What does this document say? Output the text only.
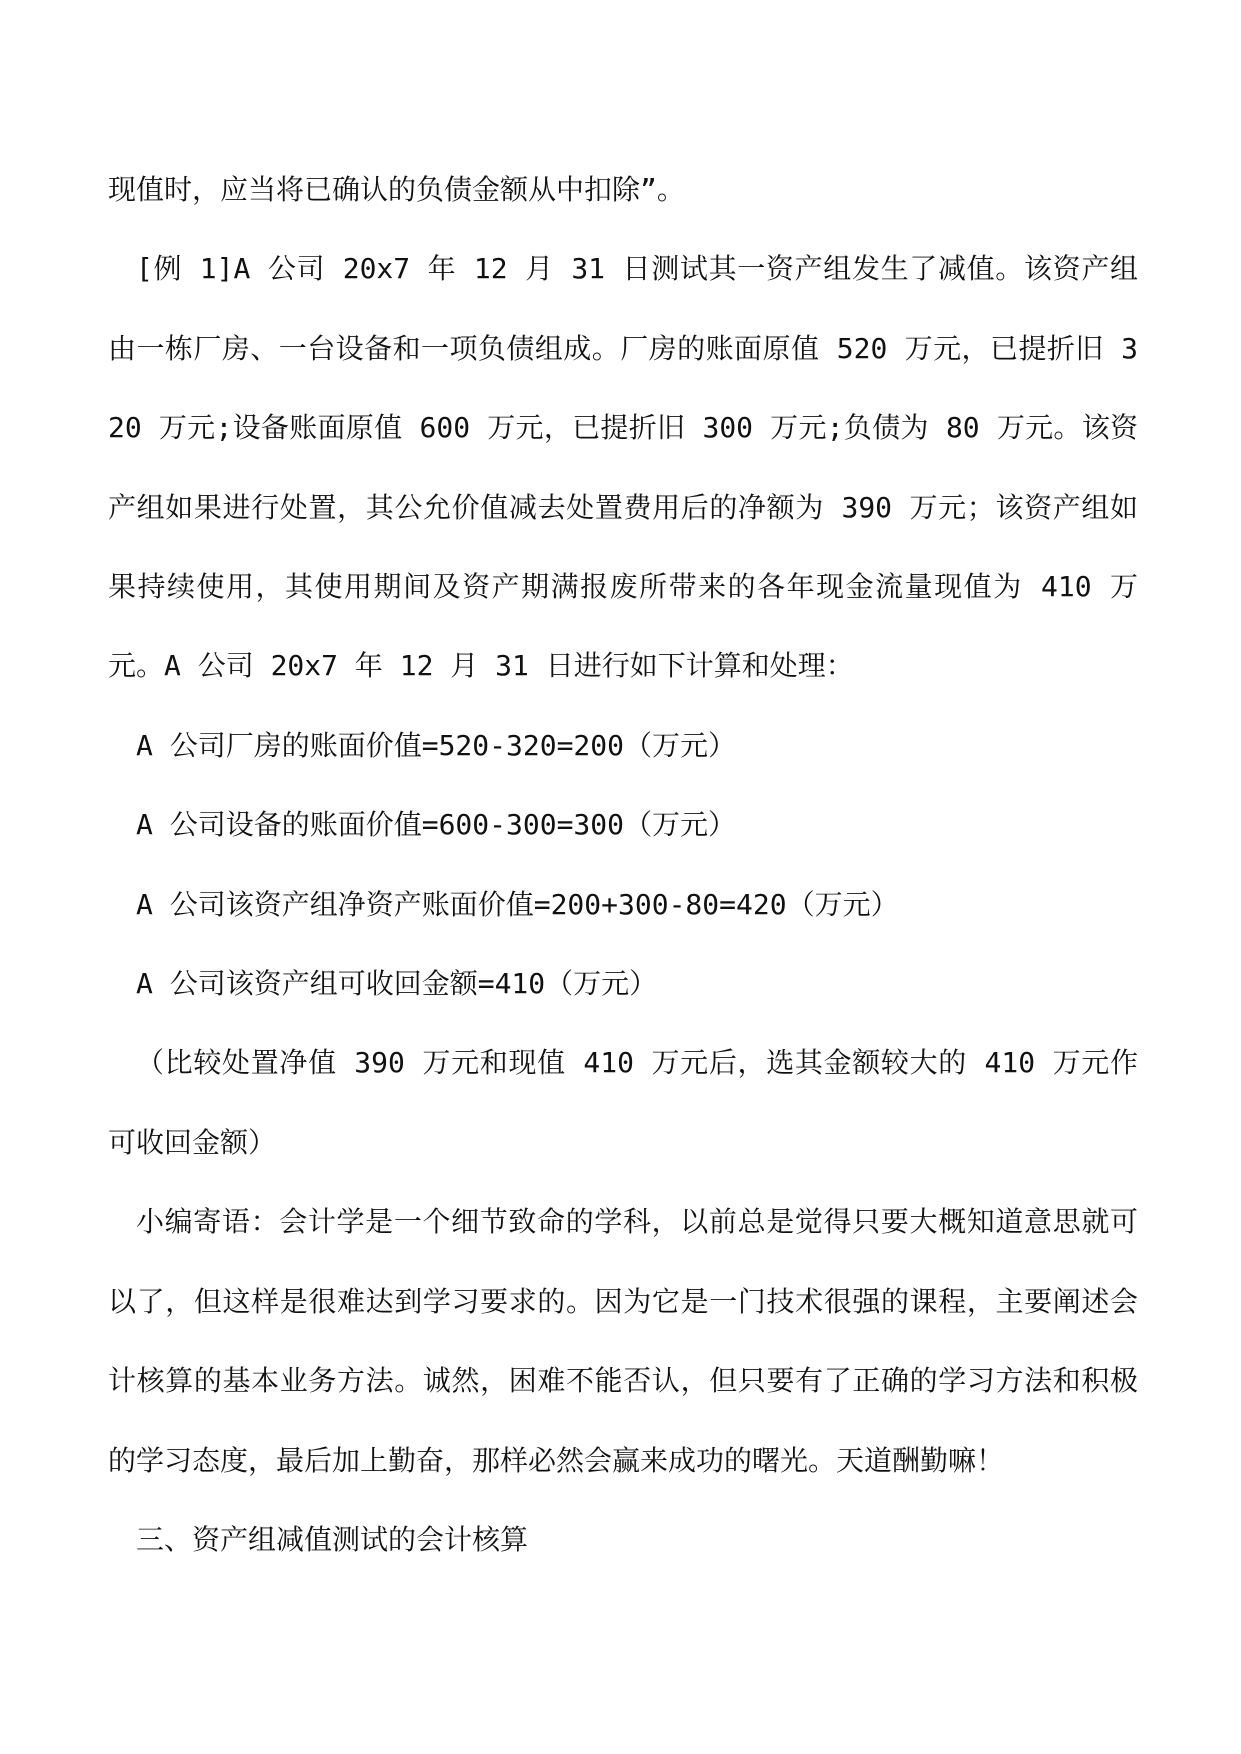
现值时，应当将已确认的负债金额从中扣除”。

[例 1]A 公司 20x7 年 12 月 31 日测试其一资产组发生了减值。该资产组由一栋厂房、一台设备和一项负债组成。厂房的账面原值 520 万元，已提折旧 320 万元;设备账面原值 600 万元，已提折旧 300 万元;负债为 80 万元。该资产组如果进行处置，其公允价值减去处置费用后的净额为 390 万元；该资产组如果持续使用，其使用期间及资产期满报废所带来的各年现金流量现值为 410 万元。A 公司 20x7 年 12 月 31 日进行如下计算和处理：

A 公司厂房的账面价值=520-320=200（万元）

A 公司设备的账面价值=600-300=300（万元）

A 公司该资产组净资产账面价值=200+300-80=420（万元）

A 公司该资产组可收回金额=410（万元）

（比较处置净值 390 万元和现值 410 万元后，选其金额较大的 410 万元作可收回金额）

小编寄语：会计学是一个细节致命的学科，以前总是觉得只要大概知道意思就可以了，但这样是很难达到学习要求的。因为它是一门技术很强的课程，主要阐述会计核算的基本业务方法。诚然，困难不能否认，但只要有了正确的学习方法和积极的学习态度，最后加上勤奋，那样必然会赢来成功的曙光。天道酬勤嘛！

三、资产组减值测试的会计核算
